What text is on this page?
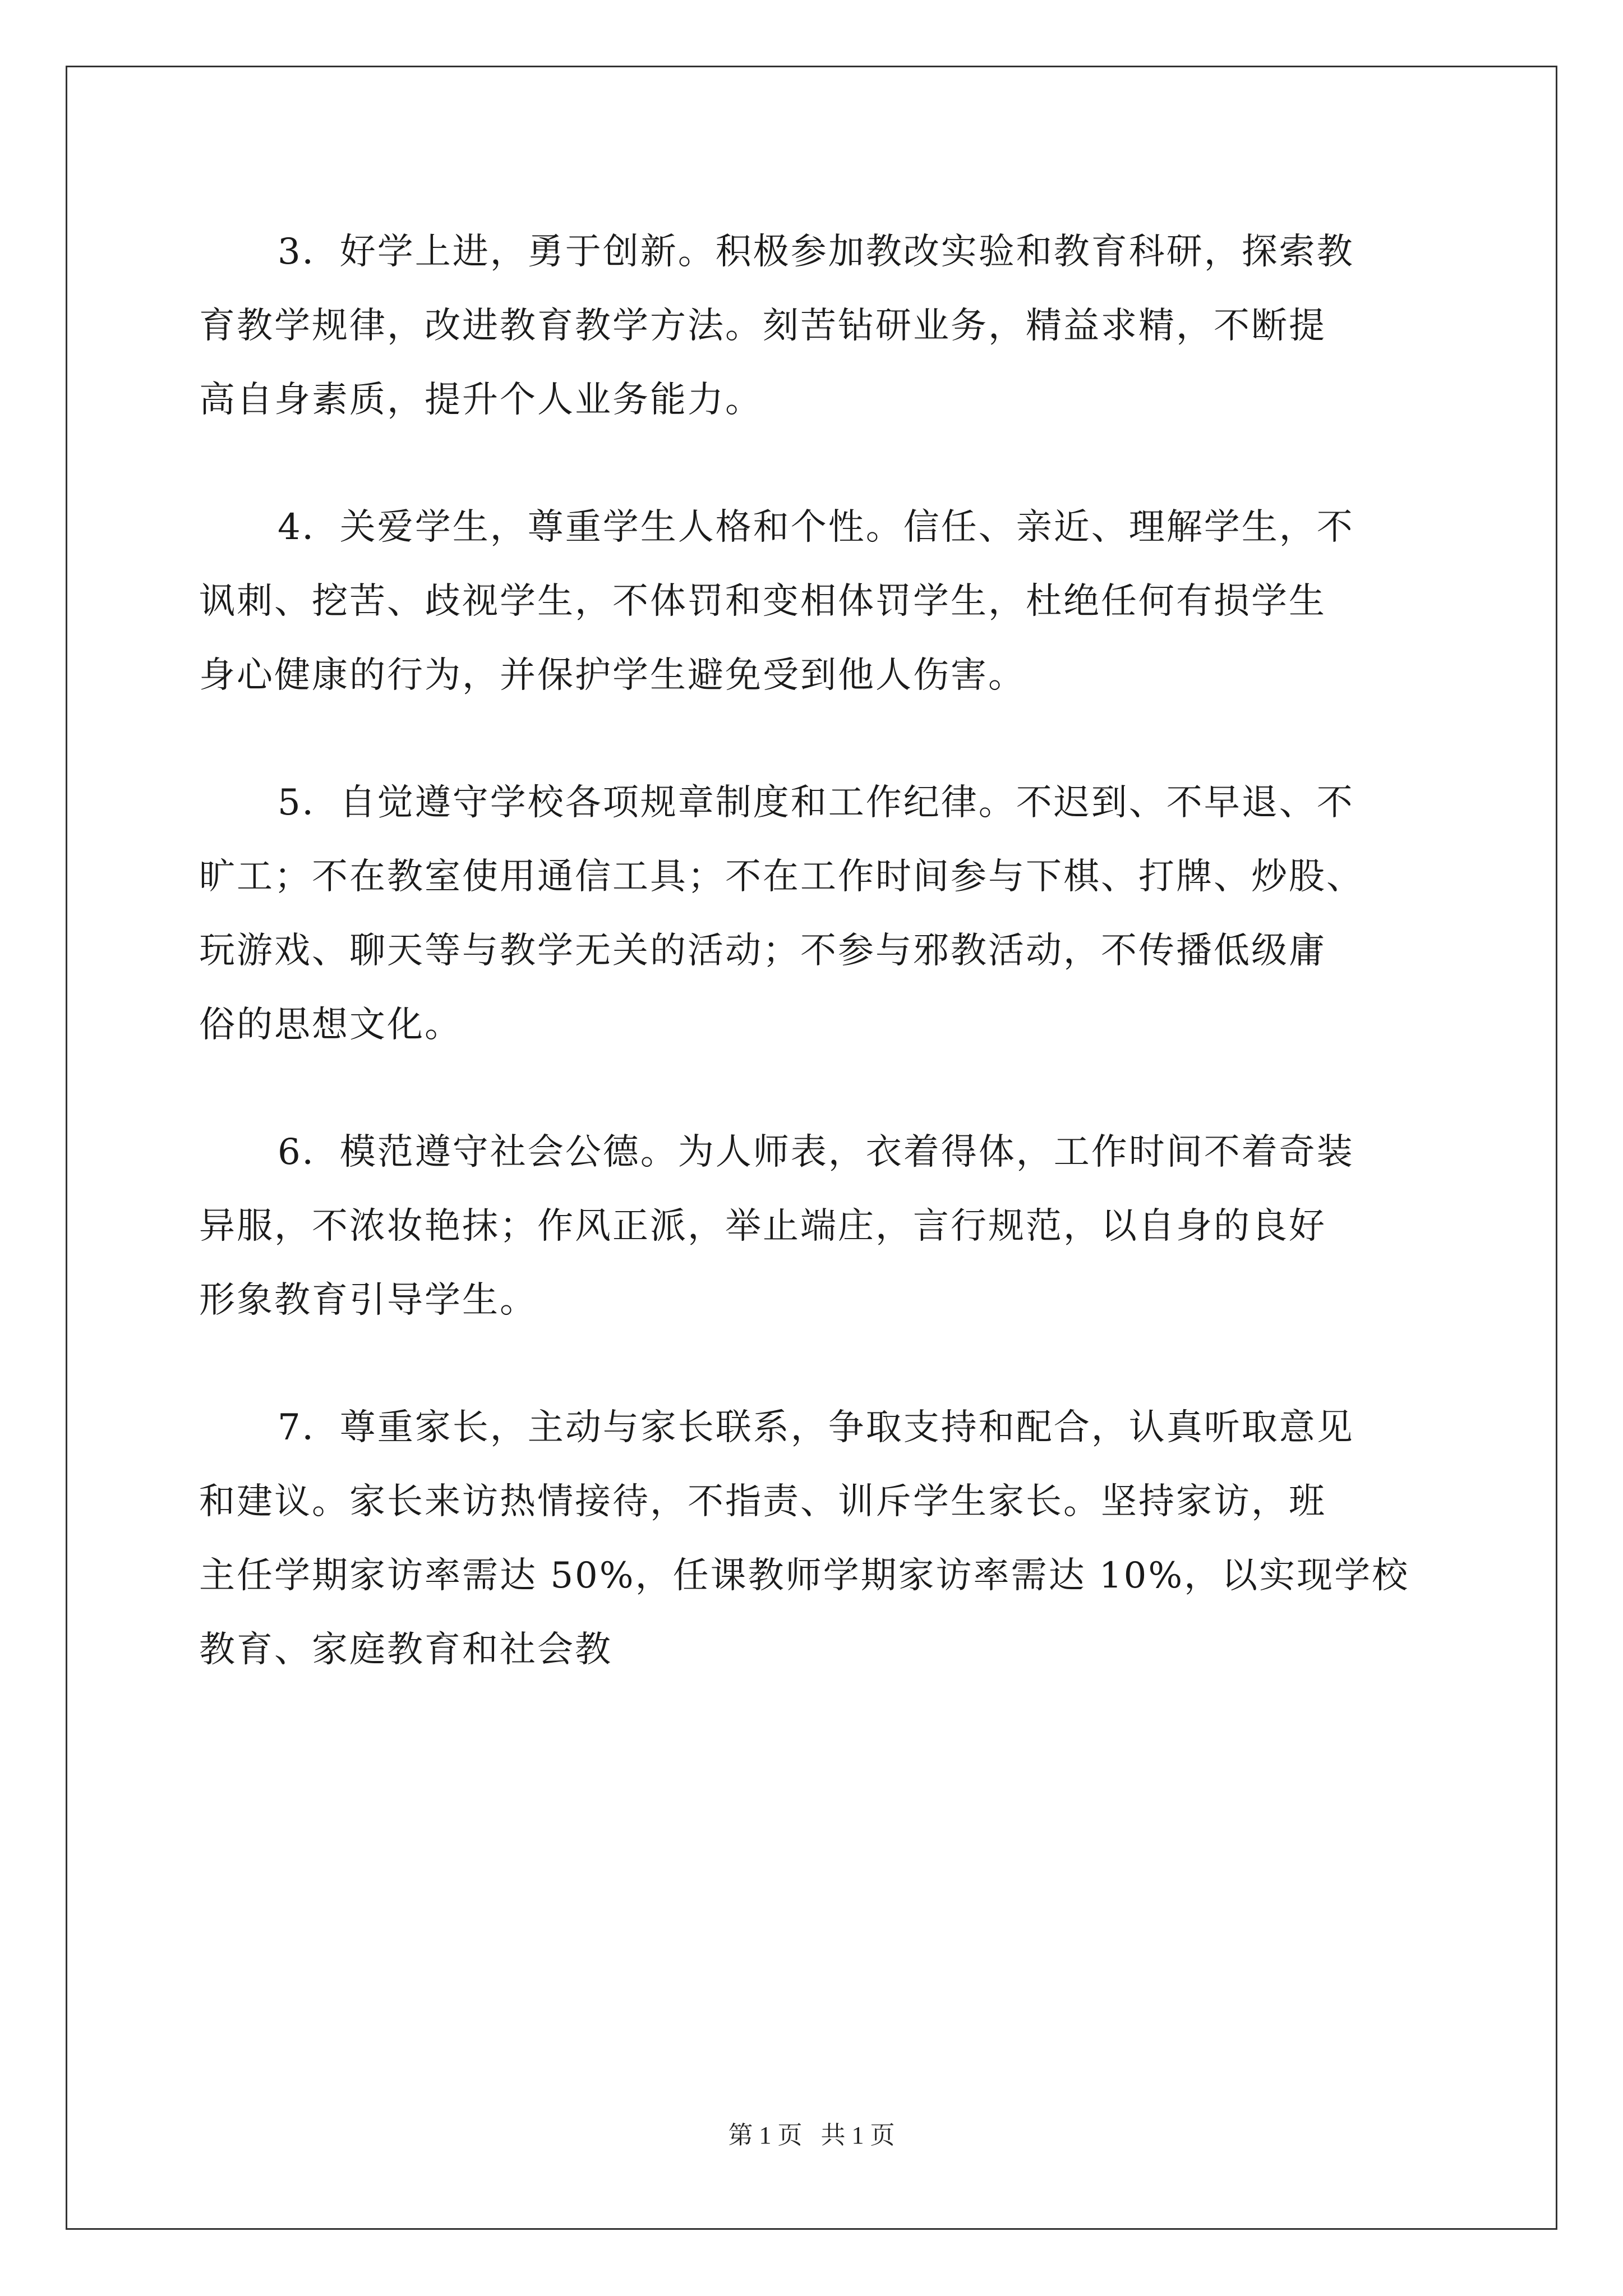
3．好学上进，勇于创新。积极参加教改实验和教育科研，探索教
育教学规律，改进教育教学方法。刻苦钻研业务，精益求精，不断提
高自身素质，提升个人业务能力。
4．关爱学生，尊重学生人格和个性。信任、亲近、理解学生，不
讽刺、挖苦、歧视学生，不体罚和变相体罚学生，杜绝任何有损学生
身心健康的行为，并保护学生避免受到他人伤害。
5．自觉遵守学校各项规章制度和工作纪律。不迟到、不早退、不
旷工；不在教室使用通信工具；不在工作时间参与下棋、打牌、炒股、
玩游戏、聊天等与教学无关的活动；不参与邪教活动，不传播低级庸
俗的思想文化。
6．模范遵守社会公德。为人师表，衣着得体，工作时间不着奇装
异服，不浓妆艳抹；作风正派，举止端庄，言行规范，以自身的良好
形象教育引导学生。
7．尊重家长，主动与家长联系，争取支持和配合，认真听取意见
和建议。家长来访热情接待，不指责、训斥学生家长。坚持家访，班
主任学期家访率需达 50%，任课教师学期家访率需达 10%，以实现学校
教育、家庭教育和社会教
第 1 页   共 1 页
